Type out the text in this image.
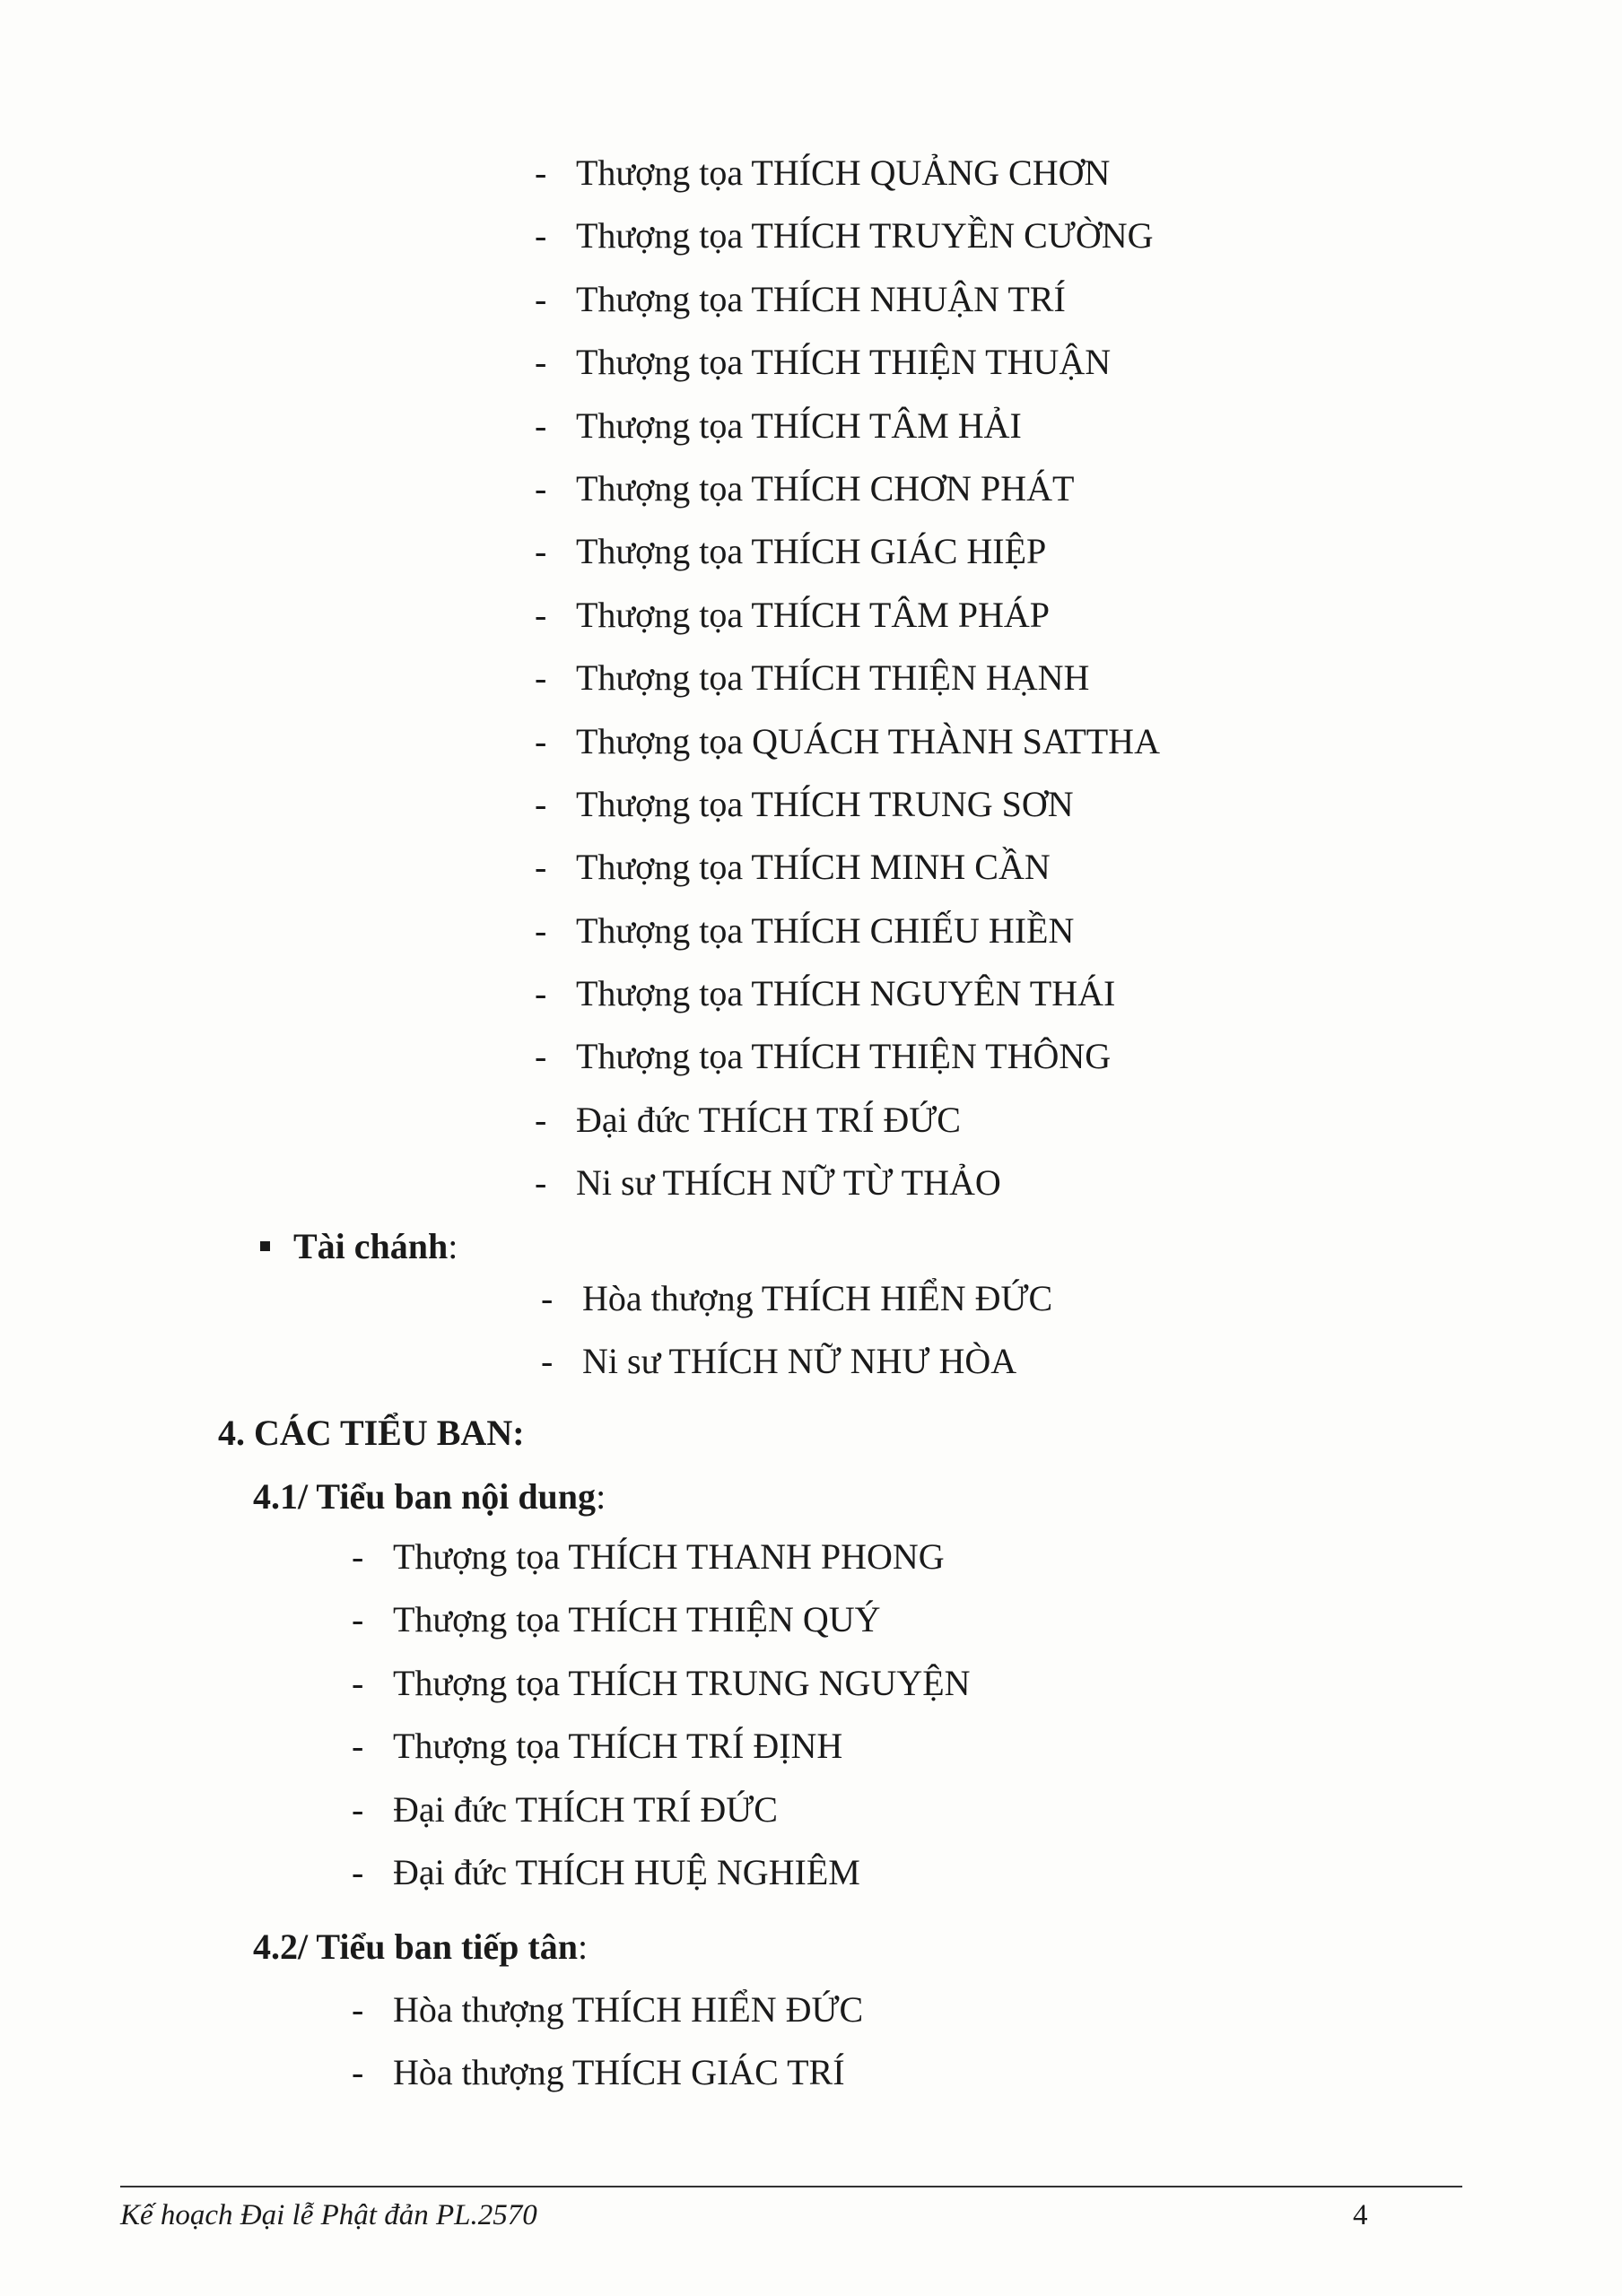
- Thượng tọa THÍCH QUẢNG CHƠN
- Thượng tọa THÍCH TRUYỀN CƯỜNG
- Thượng tọa THÍCH NHUẬN TRÍ
- Thượng tọa THÍCH THIỆN THUẬN
- Thượng tọa THÍCH TÂM HẢI
- Thượng tọa THÍCH CHƠN PHÁT
- Thượng tọa THÍCH GIÁC HIỆP
- Thượng tọa THÍCH TÂM PHÁP
- Thượng tọa THÍCH THIỆN HẠNH
- Thượng tọa QUÁCH THÀNH SATTHA
- Thượng tọa THÍCH TRUNG SƠN
- Thượng tọa THÍCH MINH CẦN
- Thượng tọa THÍCH CHIẾU HIỀN
- Thượng tọa THÍCH NGUYÊN THÁI
- Thượng tọa THÍCH THIỆN THÔNG
- Đại đức THÍCH TRÍ ĐỨC
- Ni sư THÍCH NỮ TỪ THẢO
Tài chánh:
- Hòa thượng THÍCH HIỂN ĐỨC
- Ni sư THÍCH NỮ NHƯ HÒA
4. CÁC TIỂU BAN:
4.1/ Tiểu ban nội dung:
- Thượng tọa THÍCH THANH PHONG
- Thượng tọa THÍCH THIỆN QUÝ
- Thượng tọa THÍCH TRUNG NGUYỆN
- Thượng tọa THÍCH TRÍ ĐỊNH
- Đại đức THÍCH TRÍ ĐỨC
- Đại đức THÍCH HUỆ NGHIÊM
4.2/ Tiểu ban tiếp tân:
- Hòa thượng THÍCH HIỂN ĐỨC
- Hòa thượng THÍCH GIÁC TRÍ
Kế hoạch Đại lễ Phật đản PL.2570	4
